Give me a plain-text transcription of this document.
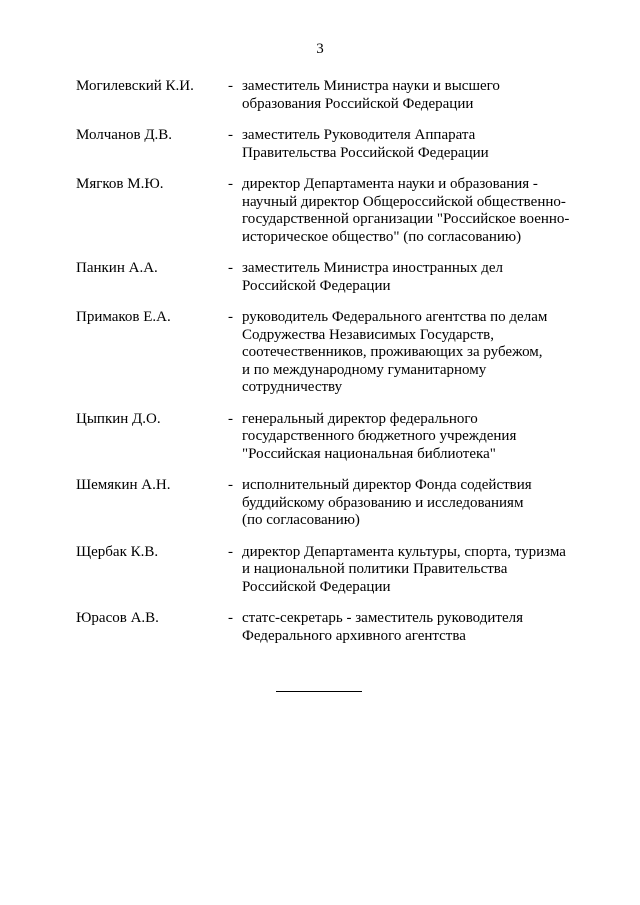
3
Могилевский К.И.	- заместитель Министра науки и высшего
образования Российской Федерации
Молчанов Д.В.	- заместитель Руководителя Аппарата
Правительства Российской Федерации
Мягков М.Ю.	- директор Департамента науки и образования -
научный директор Общероссийской общественно-
государственной организации "Российское военно-
историческое общество" (по согласованию)
Панкин А.А.	- заместитель Министра иностранных дел
Российской Федерации
Примаков Е.А.	- руководитель Федерального агентства по делам
Содружества Независимых Государств,
соотечественников, проживающих за рубежом,
и по международному гуманитарному
сотрудничеству
Цыпкин Д.О.	- генеральный директор федерального
государственного бюджетного учреждения
"Российская национальная библиотека"
Шемякин А.Н.	- исполнительный директор Фонда содействия
буддийскому образованию и исследованиям
(по согласованию)
Щербак К.В.	- директор Департамента культуры, спорта, туризма
и национальной политики Правительства
Российской Федерации
Юрасов А.В.	- статс-секретарь - заместитель руководителя
Федерального архивного агентства
